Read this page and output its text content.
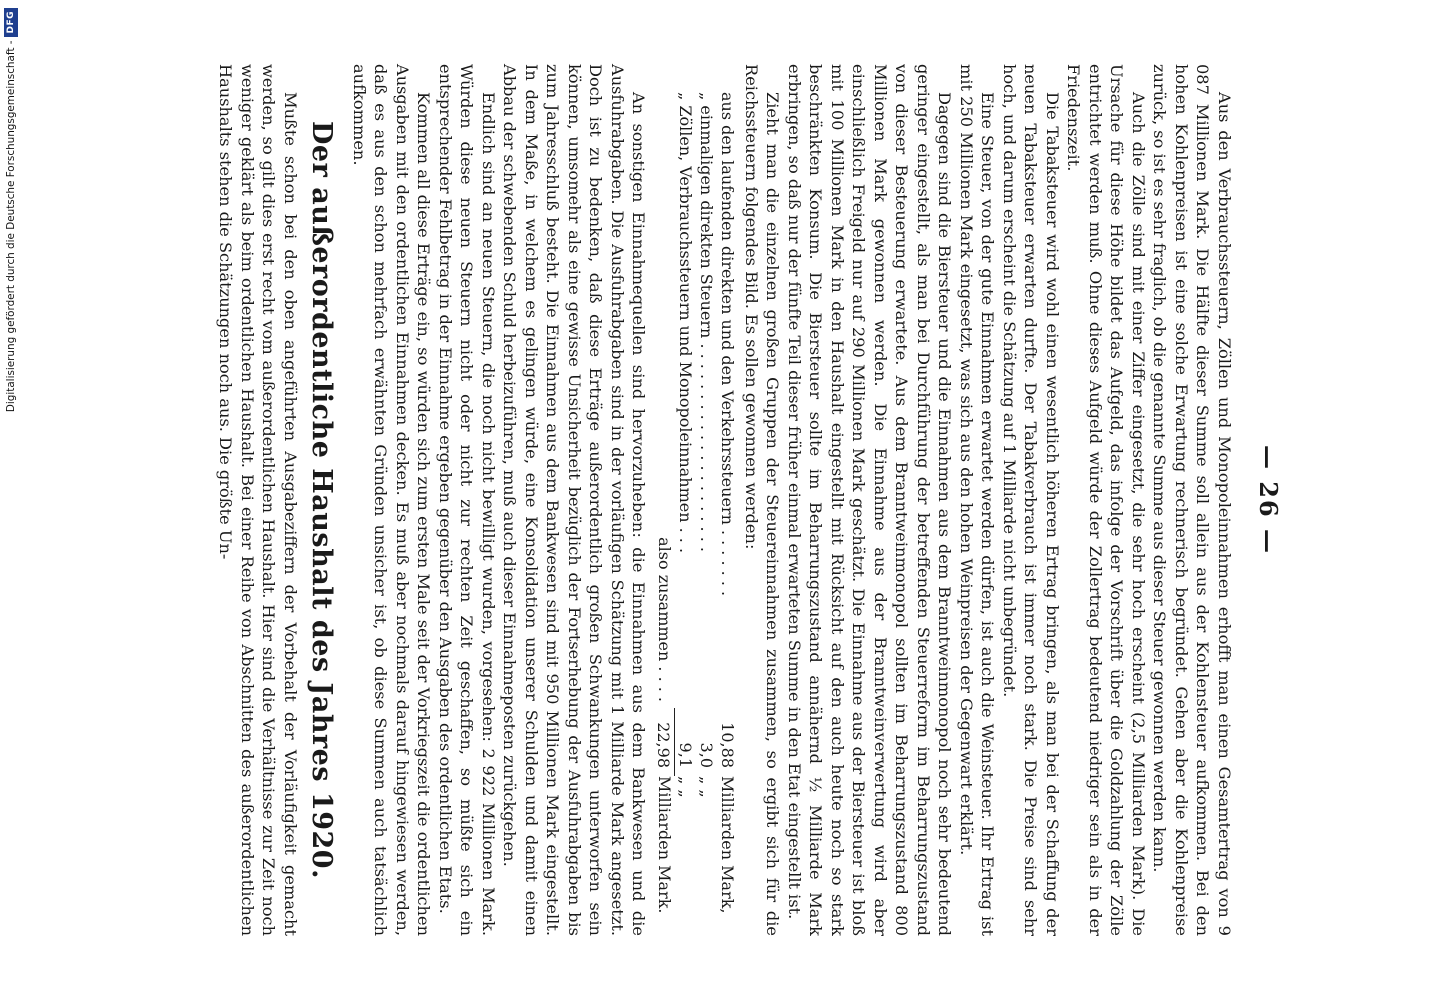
Digitalisierung gefördert durch die Deutsche Forschungsgemeinschaft -DFG
— 26 —

Aus den Verbrauchssteuern, Zöllen und Monopoleinnahmen erhofft man einen Gesamtertrag von 9 087 Millionen Mark. Die Hälfte dieser Summe soll allein aus der Kohlensteuer aufkommen. Bei den hohen Kohlenpreisen ist eine solche Erwartung rechnerisch begründet. Gehen aber die Kohlenpreise zurück, so ist es sehr fraglich, ob die genannte Summe aus dieser Steuer gewonnen werden kann.

Auch die Zölle sind mit einer Ziffer eingesetzt, die sehr hoch erscheint (2,5 Milliarden Mark). Die Ursache für diese Höhe bildet das Aufgeld, das infolge der Vorschrift über die Goldzahlung der Zölle entrichtet werden muß. Ohne dieses Aufgeld würde der Zollertrag bedeutend niedriger sein als in der Friedenszeit.

Die Tabaksteuer wird wohl einen wesentlich höheren Ertrag bringen, als man bei der Schaffung der neuen Tabaksteuer erwarten durfte. Der Tabakverbrauch ist immer noch stark. Die Preise sind sehr hoch, und darum erscheint die Schätzung auf 1 Milliarde nicht unbegründet.

Eine Steuer, von der gute Einnahmen erwartet werden dürfen, ist auch die Weinsteuer. Ihr Ertrag ist mit 250 Millionen Mark eingesetzt, was sich aus den hohen Weinpreisen der Gegenwart erklärt.

Dagegen sind die Biersteuer und die Einnahmen aus dem Branntweinmonopol noch sehr bedeutend geringer eingestellt, als man bei Durchführung der betreffenden Steuerreform im Beharrungszustand von dieser Besteuerung erwartete. Aus dem Branntweinmonopol sollten im Beharrungszustand 800 Millionen Mark gewonnen werden. Die Einnahme aus der Branntweinverwertung wird aber einschließlich Freigeld nur auf 290 Millionen Mark geschätzt. Die Einnahme aus der Biersteuer ist bloß mit 100 Millionen Mark in den Haushalt eingestellt mit Rücksicht auf den auch heute noch so stark beschränkten Konsum. Die Biersteuer sollte im Beharrungszustand annähernd ½ Milliarde Mark erbringen, so daß nur der fünfte Teil dieser früher einmal erwarteten Summe in den Etat eingestellt ist.

Zieht man die einzelnen großen Gruppen der Steuereinnahmen zusammen, so ergibt sich für die Reichssteuern folgendes Bild. Es sollen gewonnen werden:

aus den laufenden direkten und den Verkehrssteuern . . . . . . .	10,88	Milliarden Mark,
„ einmaligen direkten Steuern . . . . . . . . . . . . . . . . . . . . .	3,0	„ „
„ Zöllen, Verbrauchssteuern und Monopoleinnahmen . . .	9,1	„ „
also zusammen . . . .	22,98	Milliarden Mark.

An sonstigen Einnahmequellen sind hervorzuheben: die Einnahmen aus dem Bankwesen und die Ausfuhrabgaben. Die Ausfuhrabgaben sind in der vorläufigen Schätzung mit 1 Milliarde Mark angesetzt. Doch ist zu bedenken, daß diese Erträge außerordentlich großen Schwankungen unterworfen sein können, umsomehr als eine gewisse Unsicherheit bezüglich der Fortserhebung der Ausfuhrabgaben bis zum Jahresschluß besteht. Die Einnahmen aus dem Bankwesen sind mit 950 Millionen Mark eingestellt. In dem Maße, in welchem es gelingen würde, eine Konsolidation unserer Schulden und damit einen Abbau der schwebenden Schuld herbeizuführen, muß auch dieser Einnahmeposten zurückgehen.

Endlich sind an neuen Steuern, die noch nicht bewilligt wurden, vorgesehen: 2 922 Millionen Mark. Würden diese neuen Steuern nicht oder nicht zur rechten Zeit geschaffen, so müßte sich ein entsprechender Fehlbetrag in der Einnahme ergeben gegenüber den Ausgaben des ordentlichen Etats.

Kommen all diese Erträge ein, so würden sich zum ersten Male seit der Vorkriegszeit die ordentlichen Ausgaben mit den ordentlichen Einnahmen decken. Es muß aber nochmals darauf hingewiesen werden, daß es aus den schon mehrfach erwähnten Gründen unsicher ist, ob diese Summen auch tatsächlich aufkommen.

Der außerordentliche Haushalt des Jahres 1920.

Mußte schon bei den oben angeführten Ausgabeziffern der Vorbehalt der Vorläufigkeit gemacht werden, so gilt dies erst recht vom außerordentlichen Haushalt. Hier sind die Verhältnisse zur Zeit noch weniger geklärt als beim ordentlichen Haushalt. Bei einer Reihe von Abschnitten des außerordentlichen Haushalts stehen die Schätzungen noch aus. Die größte Un-
